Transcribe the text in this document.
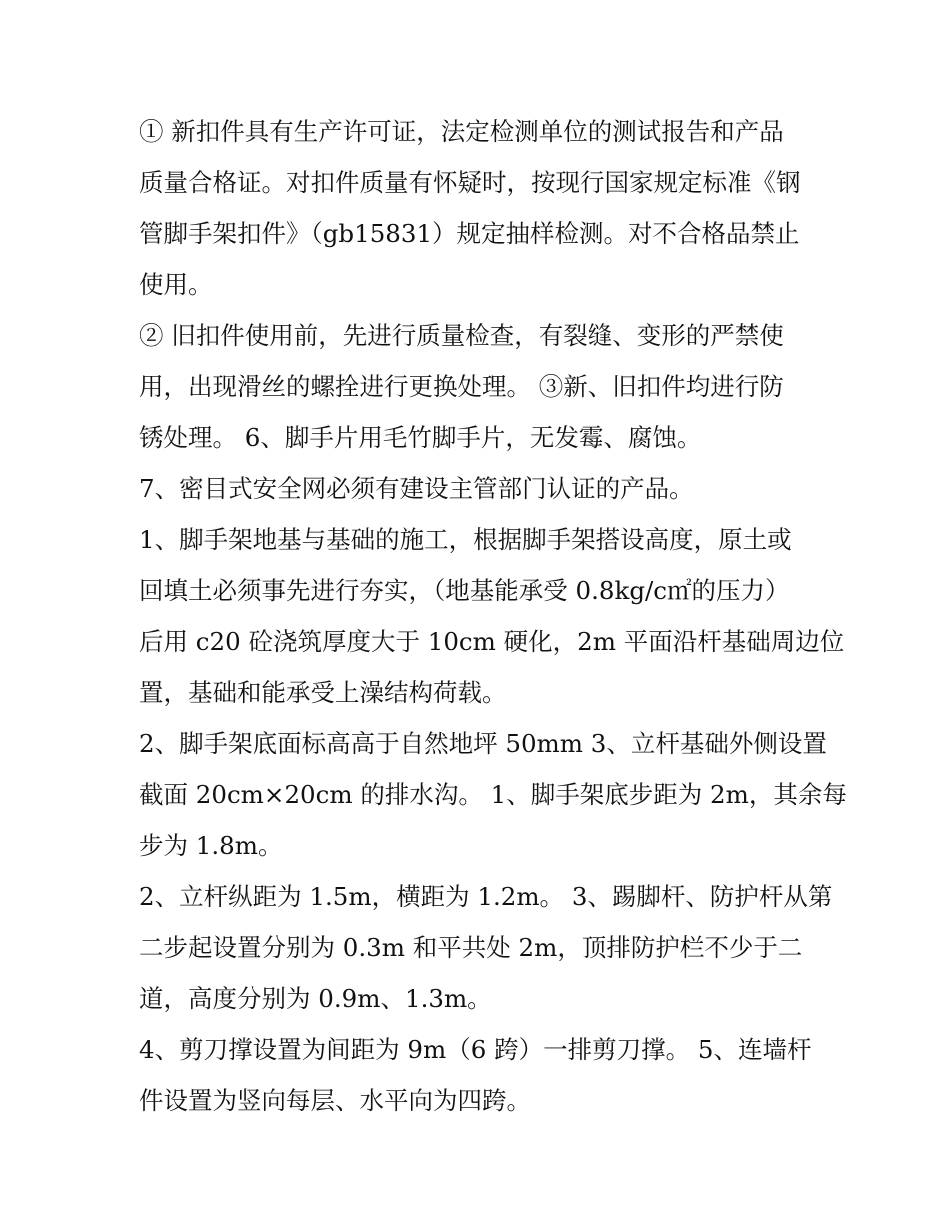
① 新扣件具有生产许可证，法定检测单位的测试报告和产品
质量合格证。对扣件质量有怀疑时，按现行国家规定标准《钢
管脚手架扣件》（gb15831）规定抽样检测。对不合格品禁止
使用。
② 旧扣件使用前，先进行质量检查，有裂缝、变形的严禁使
用，出现滑丝的螺拴进行更换处理。 ③新、旧扣件均进行防
锈处理。 6、脚手片用毛竹脚手片，无发霉、腐蚀。
7、密目式安全网必须有建设主管部门认证的产品。
1、脚手架地基与基础的施工，根据脚手架搭设高度，原土或
回填土必须事先进行夯实，（地基能承受 0.8kg/c㎡的压力）
后用 c20 砼浇筑厚度大于 10cm 硬化，2m 平面沿杆基础周边位
置，基础和能承受上澡结构荷载。
2、脚手架底面标高高于自然地坪 50mm 3、立杆基础外侧设置
截面 20cm×20cm 的排水沟。 1、脚手架底步距为 2m，其余每
步为 1.8m。
2、立杆纵距为 1.5m，横距为 1.2m。 3、踢脚杆、防护杆从第
二步起设置分别为 0.3m 和平共处 2m，顶排防护栏不少于二
道，高度分别为 0.9m、1.3m。
4、剪刀撑设置为间距为 9m（6 跨）一排剪刀撑。 5、连墙杆
件设置为竖向每层、水平向为四跨。
